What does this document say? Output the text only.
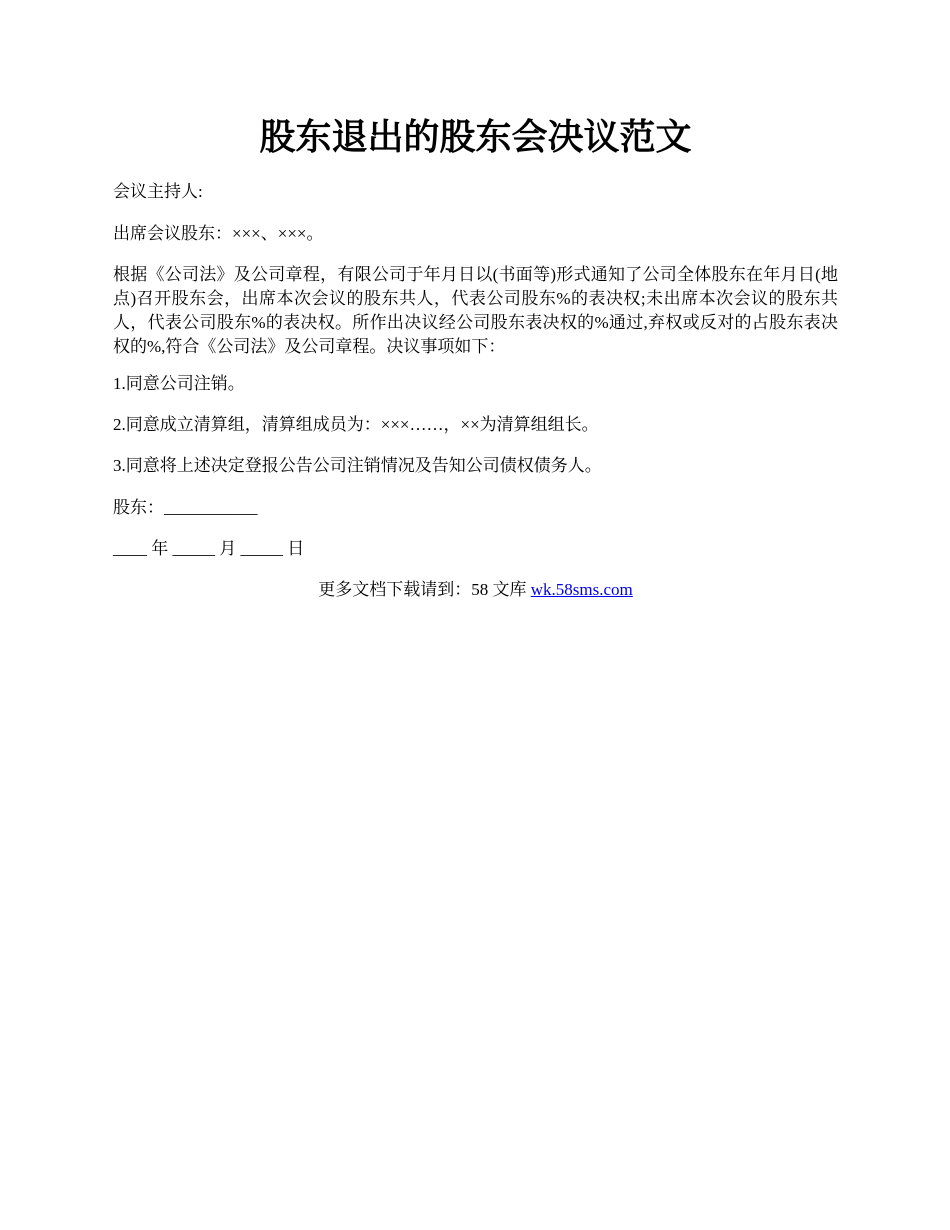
股东退出的股东会决议范文

会议主持人:

出席会议股东：×××、×××。

根据《公司法》及公司章程，有限公司于年月日以(书面等)形式通知了公司全体股东在年月日(地点)召开股东会，出席本次会议的股东共人，代表公司股东%的表决权;未出席本次会议的股东共人，代表公司股东%的表决权。所作出决议经公司股东表决权的%通过,弃权或反对的占股东表决权的%,符合《公司法》及公司章程。决议事项如下：

1.同意公司注销。

2.同意成立清算组，清算组成员为：×××……，××为清算组组长。

3.同意将上述决定登报公告公司注销情况及告知公司债权债务人。

股东：___________

____ 年 _____ 月 _____ 日

更多文档下载请到：58 文库 wk.58sms.com
